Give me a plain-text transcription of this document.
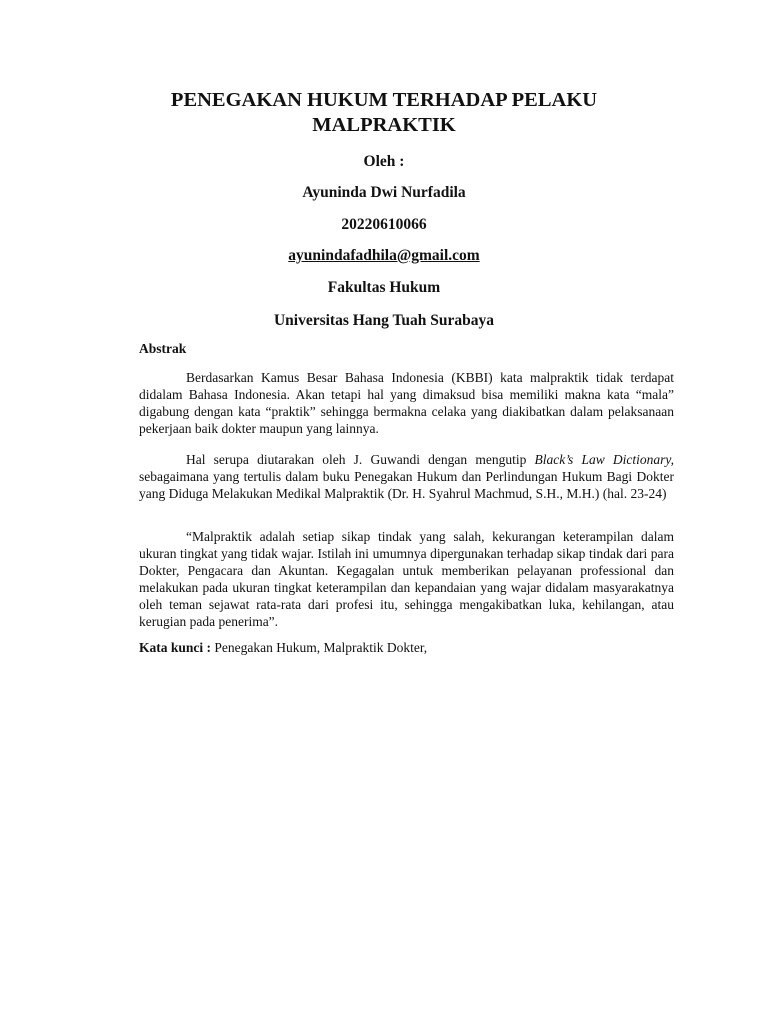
PENEGAKAN HUKUM TERHADAP PELAKU MALPRAKTIK

Oleh :

Ayuninda Dwi Nurfadila

20220610066

ayunindafadhila@gmail.com

Fakultas Hukum

Universitas Hang Tuah Surabaya

Abstrak

Berdasarkan Kamus Besar Bahasa Indonesia (KBBI) kata malpraktik tidak terdapat didalam Bahasa Indonesia. Akan tetapi hal yang dimaksud bisa memiliki makna kata “mala” digabung dengan kata “praktik” sehingga bermakna celaka yang diakibatkan dalam pelaksanaan pekerjaan baik dokter maupun yang lainnya.

Hal serupa diutarakan oleh J. Guwandi dengan mengutip Black’s Law Dictionary, sebagaimana yang tertulis dalam buku Penegakan Hukum dan Perlindungan Hukum Bagi Dokter yang Diduga Melakukan Medikal Malpraktik (Dr. H. Syahrul Machmud, S.H., M.H.) (hal. 23-24)

“Malpraktik adalah setiap sikap tindak yang salah, kekurangan keterampilan dalam ukuran tingkat yang tidak wajar. Istilah ini umumnya dipergunakan terhadap sikap tindak dari para Dokter, Pengacara dan Akuntan. Kegagalan untuk memberikan pelayanan professional dan melakukan pada ukuran tingkat keterampilan dan kepandaian yang wajar didalam masyarakatnya oleh teman sejawat rata-rata dari profesi itu, sehingga mengakibatkan luka, kehilangan, atau kerugian pada penerima”.

Kata kunci : Penegakan Hukum, Malpraktik Dokter,
